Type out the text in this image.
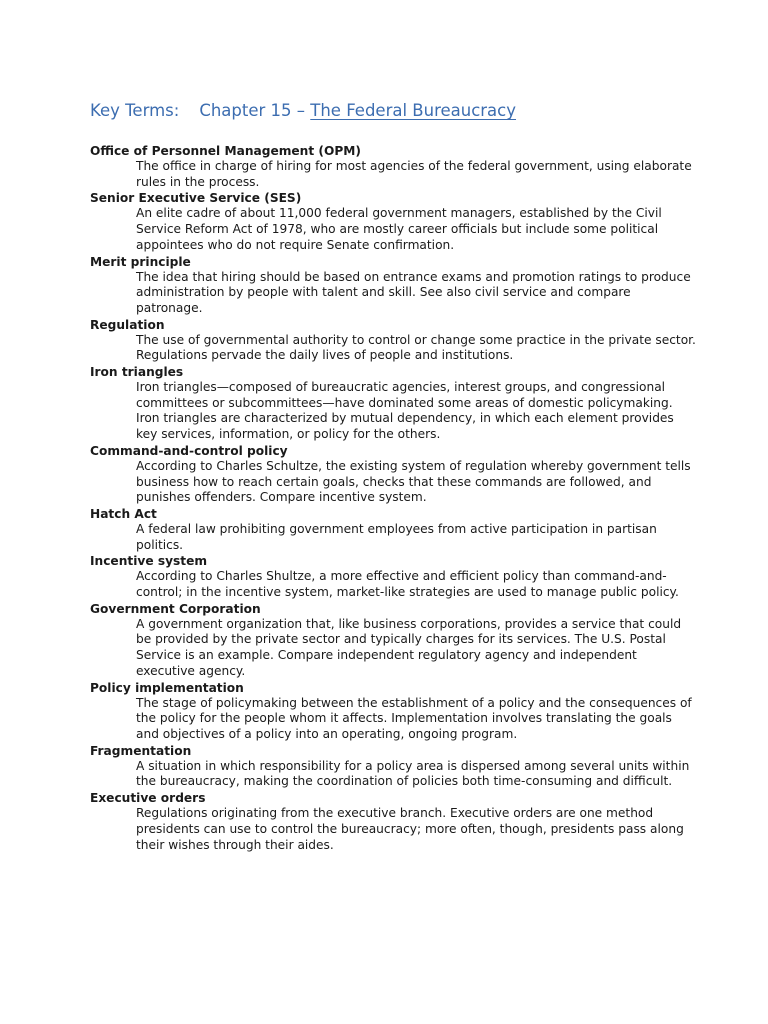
Key Terms: Chapter 15 – The Federal Bureaucracy
Office of Personnel Management (OPM)
The office in charge of hiring for most agencies of the federal government, using elaborate rules in the process.
Senior Executive Service (SES)
An elite cadre of about 11,000 federal government managers, established by the Civil Service Reform Act of 1978, who are mostly career officials but include some political appointees who do not require Senate confirmation.
Merit principle
The idea that hiring should be based on entrance exams and promotion ratings to produce administration by people with talent and skill. See also civil service and compare patronage.
Regulation
The use of governmental authority to control or change some practice in the private sector. Regulations pervade the daily lives of people and institutions.
Iron triangles
Iron triangles—composed of bureaucratic agencies, interest groups, and congressional committees or subcommittees—have dominated some areas of domestic policymaking. Iron triangles are characterized by mutual dependency, in which each element provides key services, information, or policy for the others.
Command-and-control policy
According to Charles Schultze, the existing system of regulation whereby government tells business how to reach certain goals, checks that these commands are followed, and punishes offenders. Compare incentive system.
Hatch Act
A federal law prohibiting government employees from active participation in partisan politics.
Incentive system
According to Charles Shultze, a more effective and efficient policy than command-and-control; in the incentive system, market-like strategies are used to manage public policy.
Government Corporation
A government organization that, like business corporations, provides a service that could be provided by the private sector and typically charges for its services. The U.S. Postal Service is an example. Compare independent regulatory agency and independent executive agency.
Policy implementation
The stage of policymaking between the establishment of a policy and the consequences of the policy for the people whom it affects. Implementation involves translating the goals and objectives of a policy into an operating, ongoing program.
Fragmentation
A situation in which responsibility for a policy area is dispersed among several units within the bureaucracy, making the coordination of policies both time-consuming and difficult.
Executive orders
Regulations originating from the executive branch. Executive orders are one method presidents can use to control the bureaucracy; more often, though, presidents pass along their wishes through their aides.
